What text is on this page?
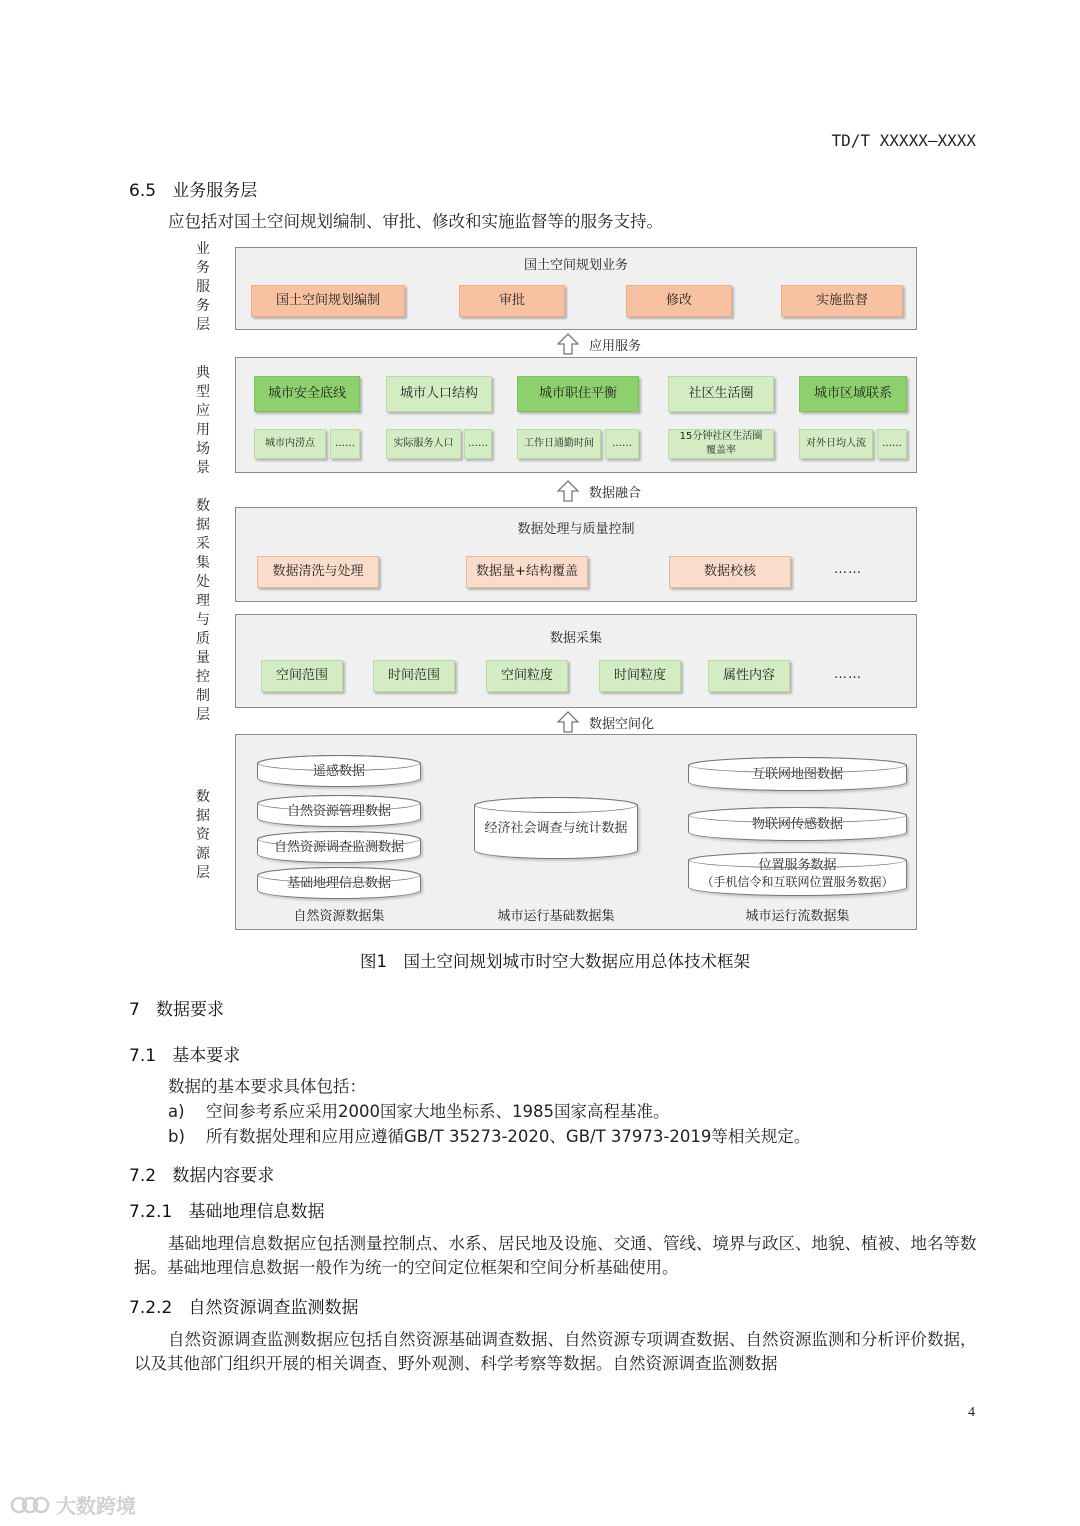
TD/T XXXXX—XXXX
6.5 业务服务层
应包括对国土空间规划编制、审批、修改和实施监督等的服务支持。
业
务
服
务
层
典
型
应
用
场
景
数
据
采
集
处
理
与
质
量
控
制
层
数
据
资
源
层
国土空间规划业务
国土空间规划编制	审批	修改	实施监督
应用服务
城市安全底线
城市内涝点	……
城市人口结构
实际服务人口	……
城市职住平衡
工作日通勤时间	……
社区生活圈
15分钟社区生活圈覆盖率
城市区域联系
对外日均人流	……
数据融合
数据处理与质量控制
数据清洗与处理	数据量+结构覆盖	数据校核	……
数据采集
空间范围	时间范围	空间粒度	时间粒度	属性内容	……
数据空间化
遥感数据
自然资源管理数据
自然资源调查监测数据
基础地理信息数据
自然资源数据集
经济社会调查与统计数据
城市运行基础数据集
互联网地图数据
物联网传感数据
位置服务数据
（手机信令和互联网位置服务数据）
城市运行流数据集
图1　国土空间规划城市时空大数据应用总体技术框架
7 数据要求
7.1 基本要求
数据的基本要求具体包括：
a) 空间参考系应采用2000国家大地坐标系、1985国家高程基准。
b) 所有数据处理和应用应遵循GB/T 35273-2020、GB/T 37973-2019等相关规定。
7.2 数据内容要求
7.2.1 基础地理信息数据
基础地理信息数据应包括测量控制点、水系、居民地及设施、交通、管线、境界与政区、地貌、植被、地名等数据。基础地理信息数据一般作为统一的空间定位框架和空间分析基础使用。
7.2.2 自然资源调查监测数据
自然资源调查监测数据应包括自然资源基础调查数据、自然资源专项调查数据、自然资源监测和分析评价数据，以及其他部门组织开展的相关调查、野外观测、科学考察等数据。自然资源调查监测数据
4
大数跨境
